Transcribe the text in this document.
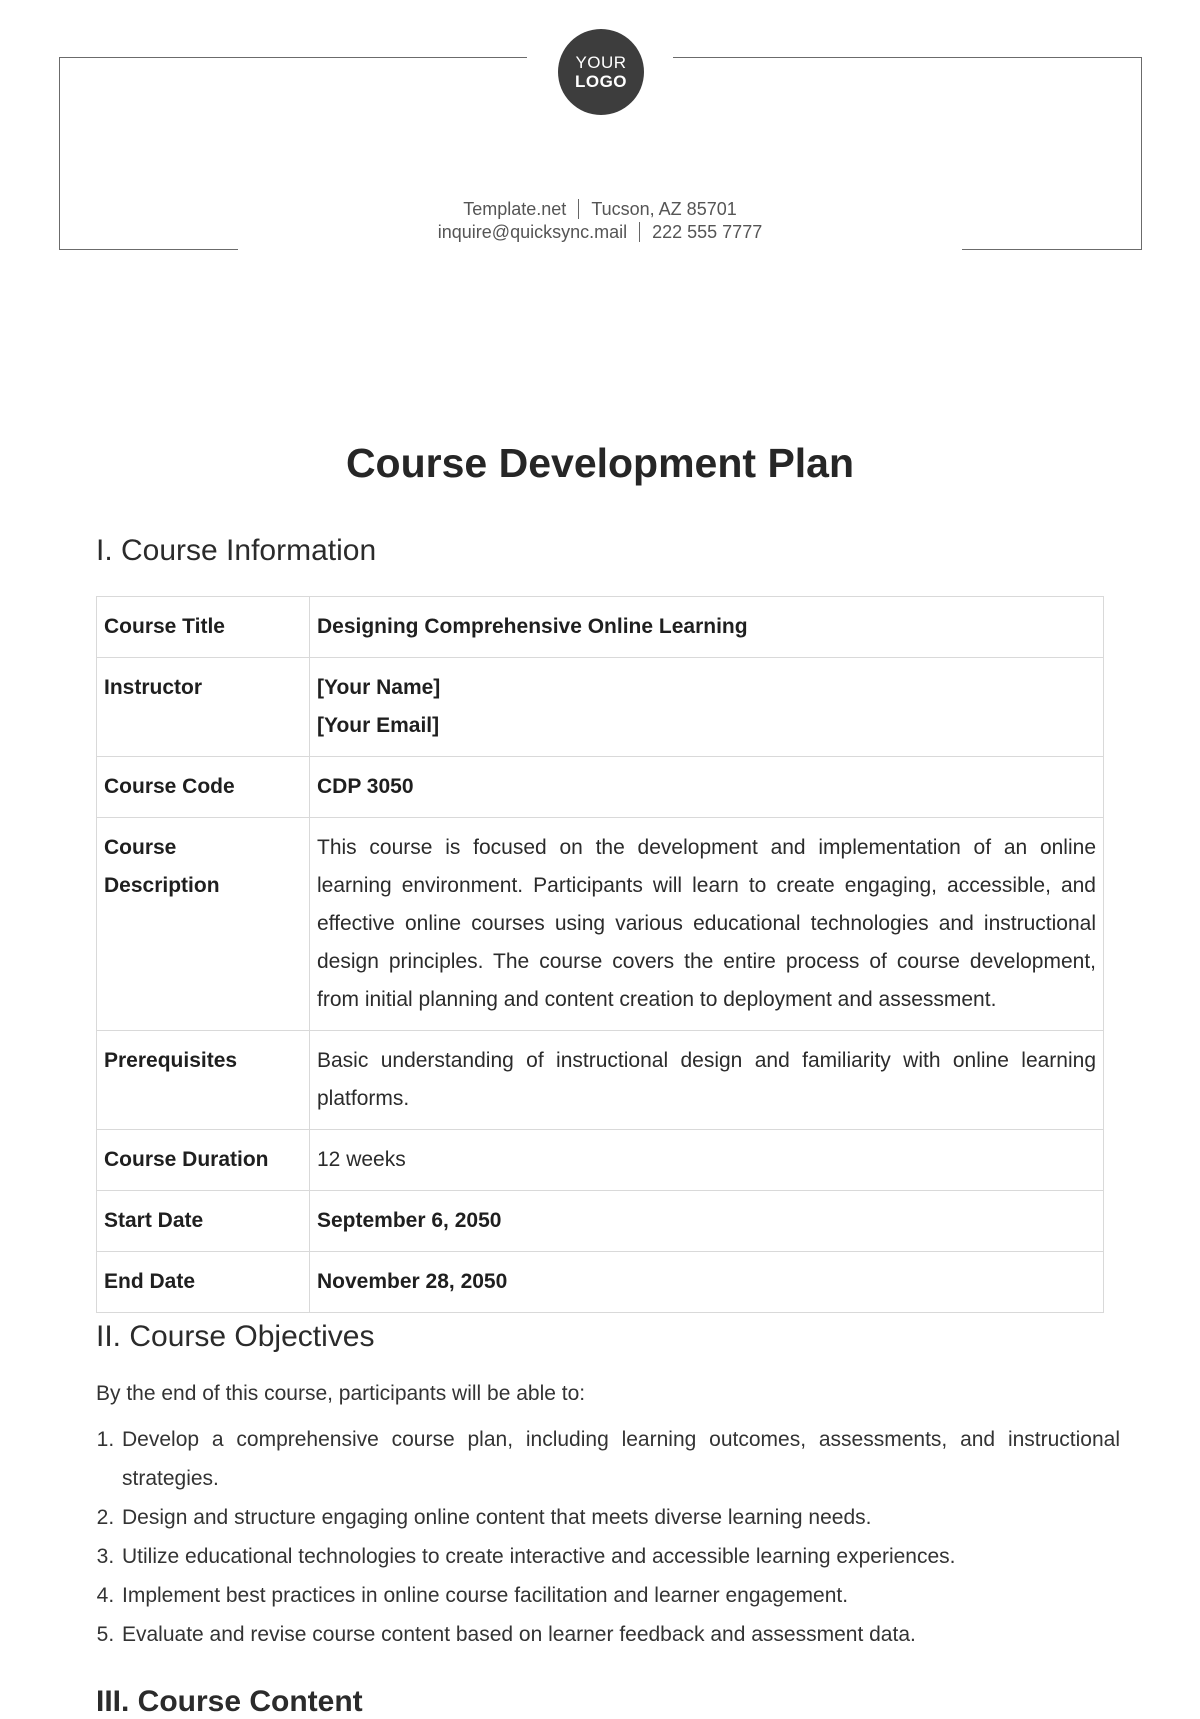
YOUR
LOGO
Template.net Tucson, AZ 85701
inquire@quicksync.mail 222 555 7777
Course Development Plan
I. Course Information
Course Title	Designing Comprehensive Online Learning
Instructor	[Your Name]
[Your Email]

Course Code	CDP 3050

Course
Description	This course is focused on the development and implementation of an online learning environment. Participants will learn to create engaging, accessible, and effective online courses using various educational technologies and instructional design principles. The course covers the entire process of course development, from initial planning and content creation to deployment and assessment.
Prerequisites	Basic understanding of instructional design and familiarity with online learning platforms.
Course Duration	12 weeks
Start Date	September 6, 2050
End Date	November 28, 2050
II. Course Objectives

By the end of this course, participants will be able to:

1. Develop a comprehensive course plan, including learning outcomes, assessments, and instructional strategies.
2. Design and structure engaging online content that meets diverse learning needs.
3. Utilize educational technologies to create interactive and accessible learning experiences.
4. Implement best practices in online course facilitation and learner engagement.
5. Evaluate and revise course content based on learner feedback and assessment data.
III. Course Content
